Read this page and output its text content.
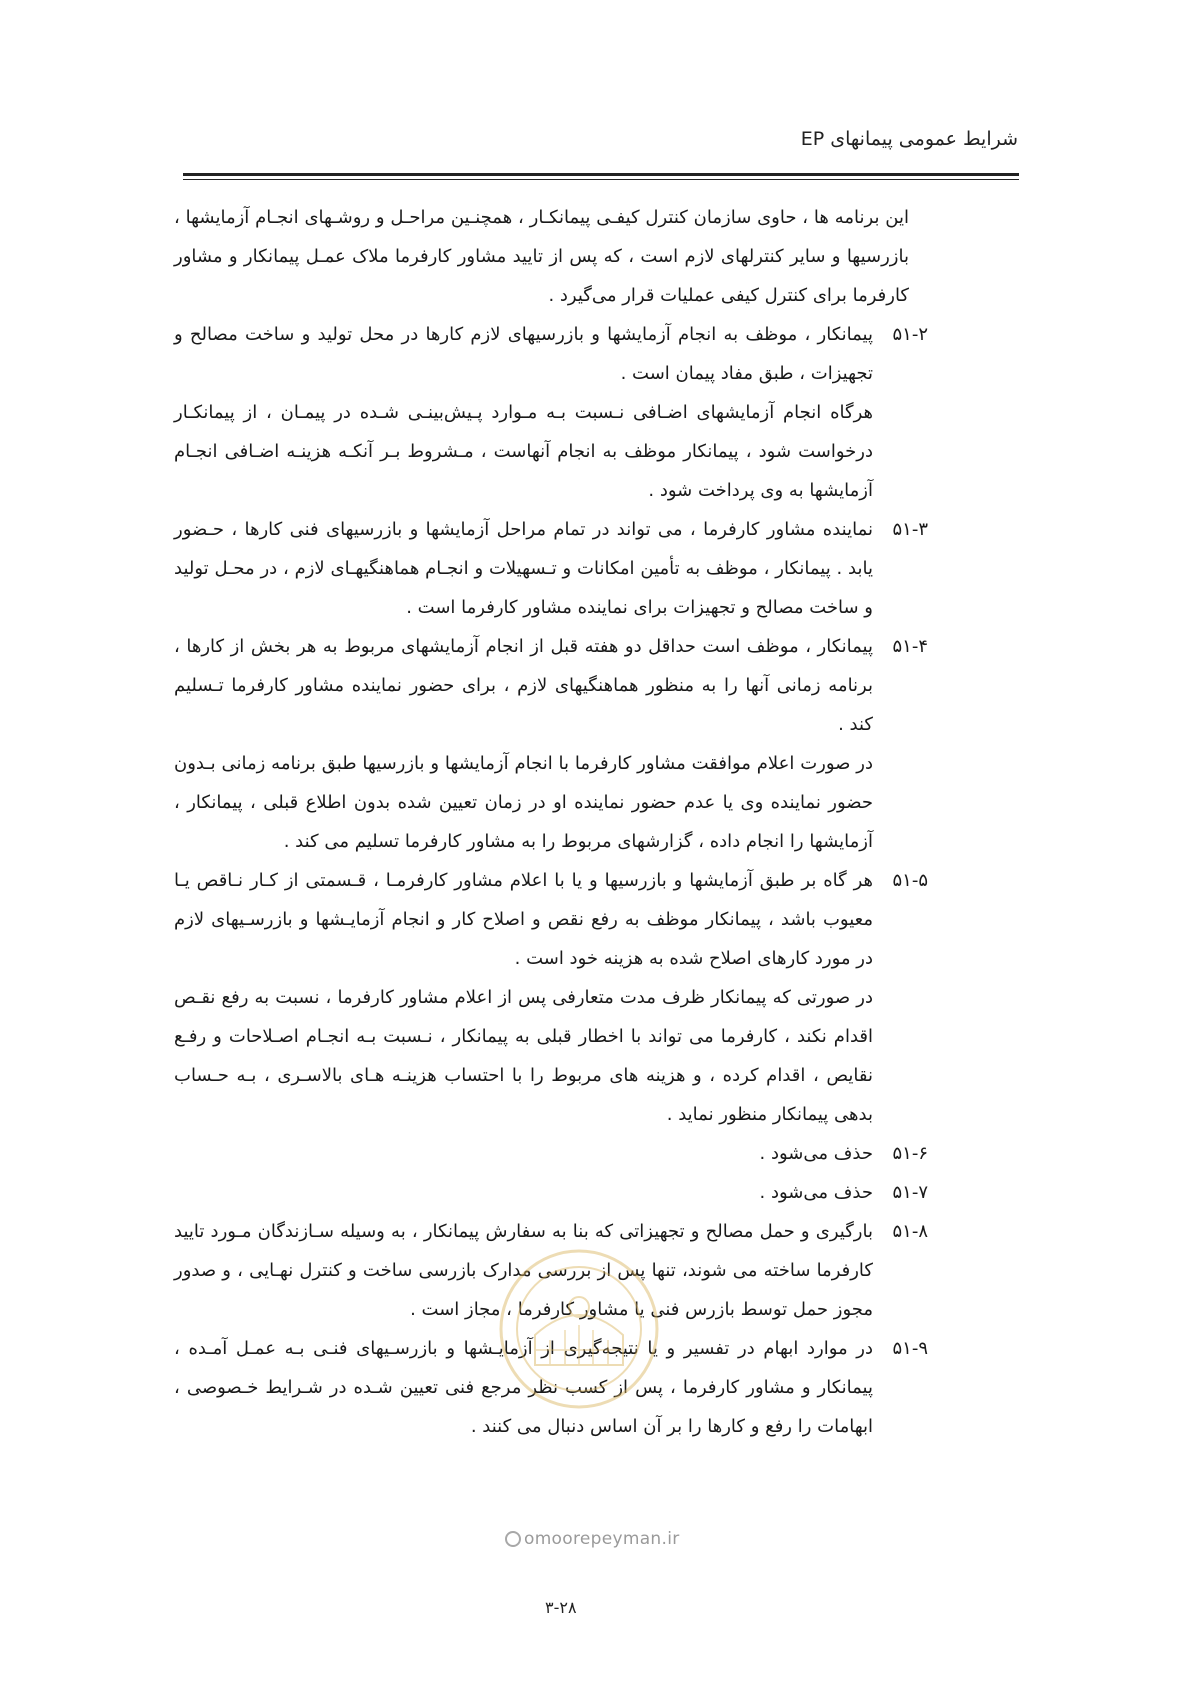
شرایط عمومی پیمانهای EP

این برنامه ها ، حاوی سازمان کنترل کیفـی پیمانکـار ، همچنـین مراحـل و روشـهای انجـام آزمایشها ، بازرسیها و سایر کنترلهای لازم است ، که پس از تایید مشاور کارفرما ملاک عمـل پیمانکار و مشاور کارفرما برای کنترل کیفی عملیات قرار می‌گیرد .

۵۱-۲

پیمانکار ، موظف به انجام آزمایشها و بازرسیهای لازم کارها در محل تولید و ساخت مصالح و تجهیزات ، طبق مفاد پیمان است .

هرگاه انجام آزمایشهای اضـافی نـسبت بـه مـوارد پـیش‌بینـی شـده در پیمـان ، از پیمانکـار درخواست شود ، پیمانکار موظف به انجام آنهاست ، مـشروط بـر آنکـه هزینـه اضـافی انجـام آزمایشها به وی پرداخت شود .

۵۱-۳

نماینده مشاور کارفرما ، می تواند در تمام مراحل آزمایشها و بازرسیهای فنی کارها ، حـضور یابد . پیمانکار ، موظف به تأمین امکانات و تـسهیلات و انجـام هماهنگیهـای لازم ، در محـل تولید و ساخت مصالح و تجهیزات برای نماینده مشاور کارفرما است .

۵۱-۴

پیمانکار ، موظف است حداقل دو هفته قبل از انجام آزمایشهای مربوط به هر بخش از کارها ، برنامه زمانی آنها را به منظور هماهنگیهای لازم ، برای حضور نماینده مشاور کارفرما تـسلیم کند .

در صورت اعلام موافقت مشاور کارفرما با انجام آزمایشها و بازرسیها طبق برنامه زمانی بـدون حضور نماینده وی یا عدم حضور نماینده او در زمان تعیین شده بدون اطلاع قبلی ، پیمانکار ، آزمایشها را انجام داده ، گزارشهای مربوط را به مشاور کارفرما تسلیم می کند .

۵۱-۵

هر گاه بر طبق آزمایشها و بازرسیها و یا با اعلام مشاور کارفرمـا ، قـسمتی از کـار نـاقص یـا معیوب باشد ، پیمانکار موظف به رفع نقص و اصلاح کار و انجام آزمایـشها و بازرسـیهای لازم در مورد کارهای اصلاح شده به هزینه خود است .

در صورتی که پیمانکار ظرف مدت متعارفی پس از اعلام مشاور کارفرما ، نسبت به رفع نقـص اقدام نکند ، کارفرما می تواند با اخطار قبلی به پیمانکار ، نـسبت بـه انجـام اصـلاحات و رفـع نقایص ، اقدام کرده ، و هزینه های مربوط را با احتساب هزینـه هـای بالاسـری ، بـه حـساب بدهی پیمانکار منظور نماید .

۵۱-۶

حذف می‌شود .

۵۱-۷

حذف می‌شود .

۵۱-۸

بارگیری و حمل مصالح و تجهیزاتی که بنا به سفارش پیمانکار ، به وسیله سـازندگان مـورد تایید کارفرما ساخته می شوند، تنها پس از بررسی مدارک بازرسی ساخت و کنترل نهـایی ، و صدور مجوز حمل توسط بازرس فنی یا مشاور کارفرما ، مجاز است .

۵۱-۹

در موارد ابهام در تفسیر و یا نتیجه‌گیری از آزمایـشها و بازرسـیهای فنـی بـه عمـل آمـده ، پیمانکار و مشاور کارفرما ، پس از کسب نظر مرجع فنی تعیین شـده در شـرایط خـصوصی ، ابهامات را رفع و کارها را بر آن اساس دنبال می کنند .

omoorepeyman.ir
۳-۲۸
